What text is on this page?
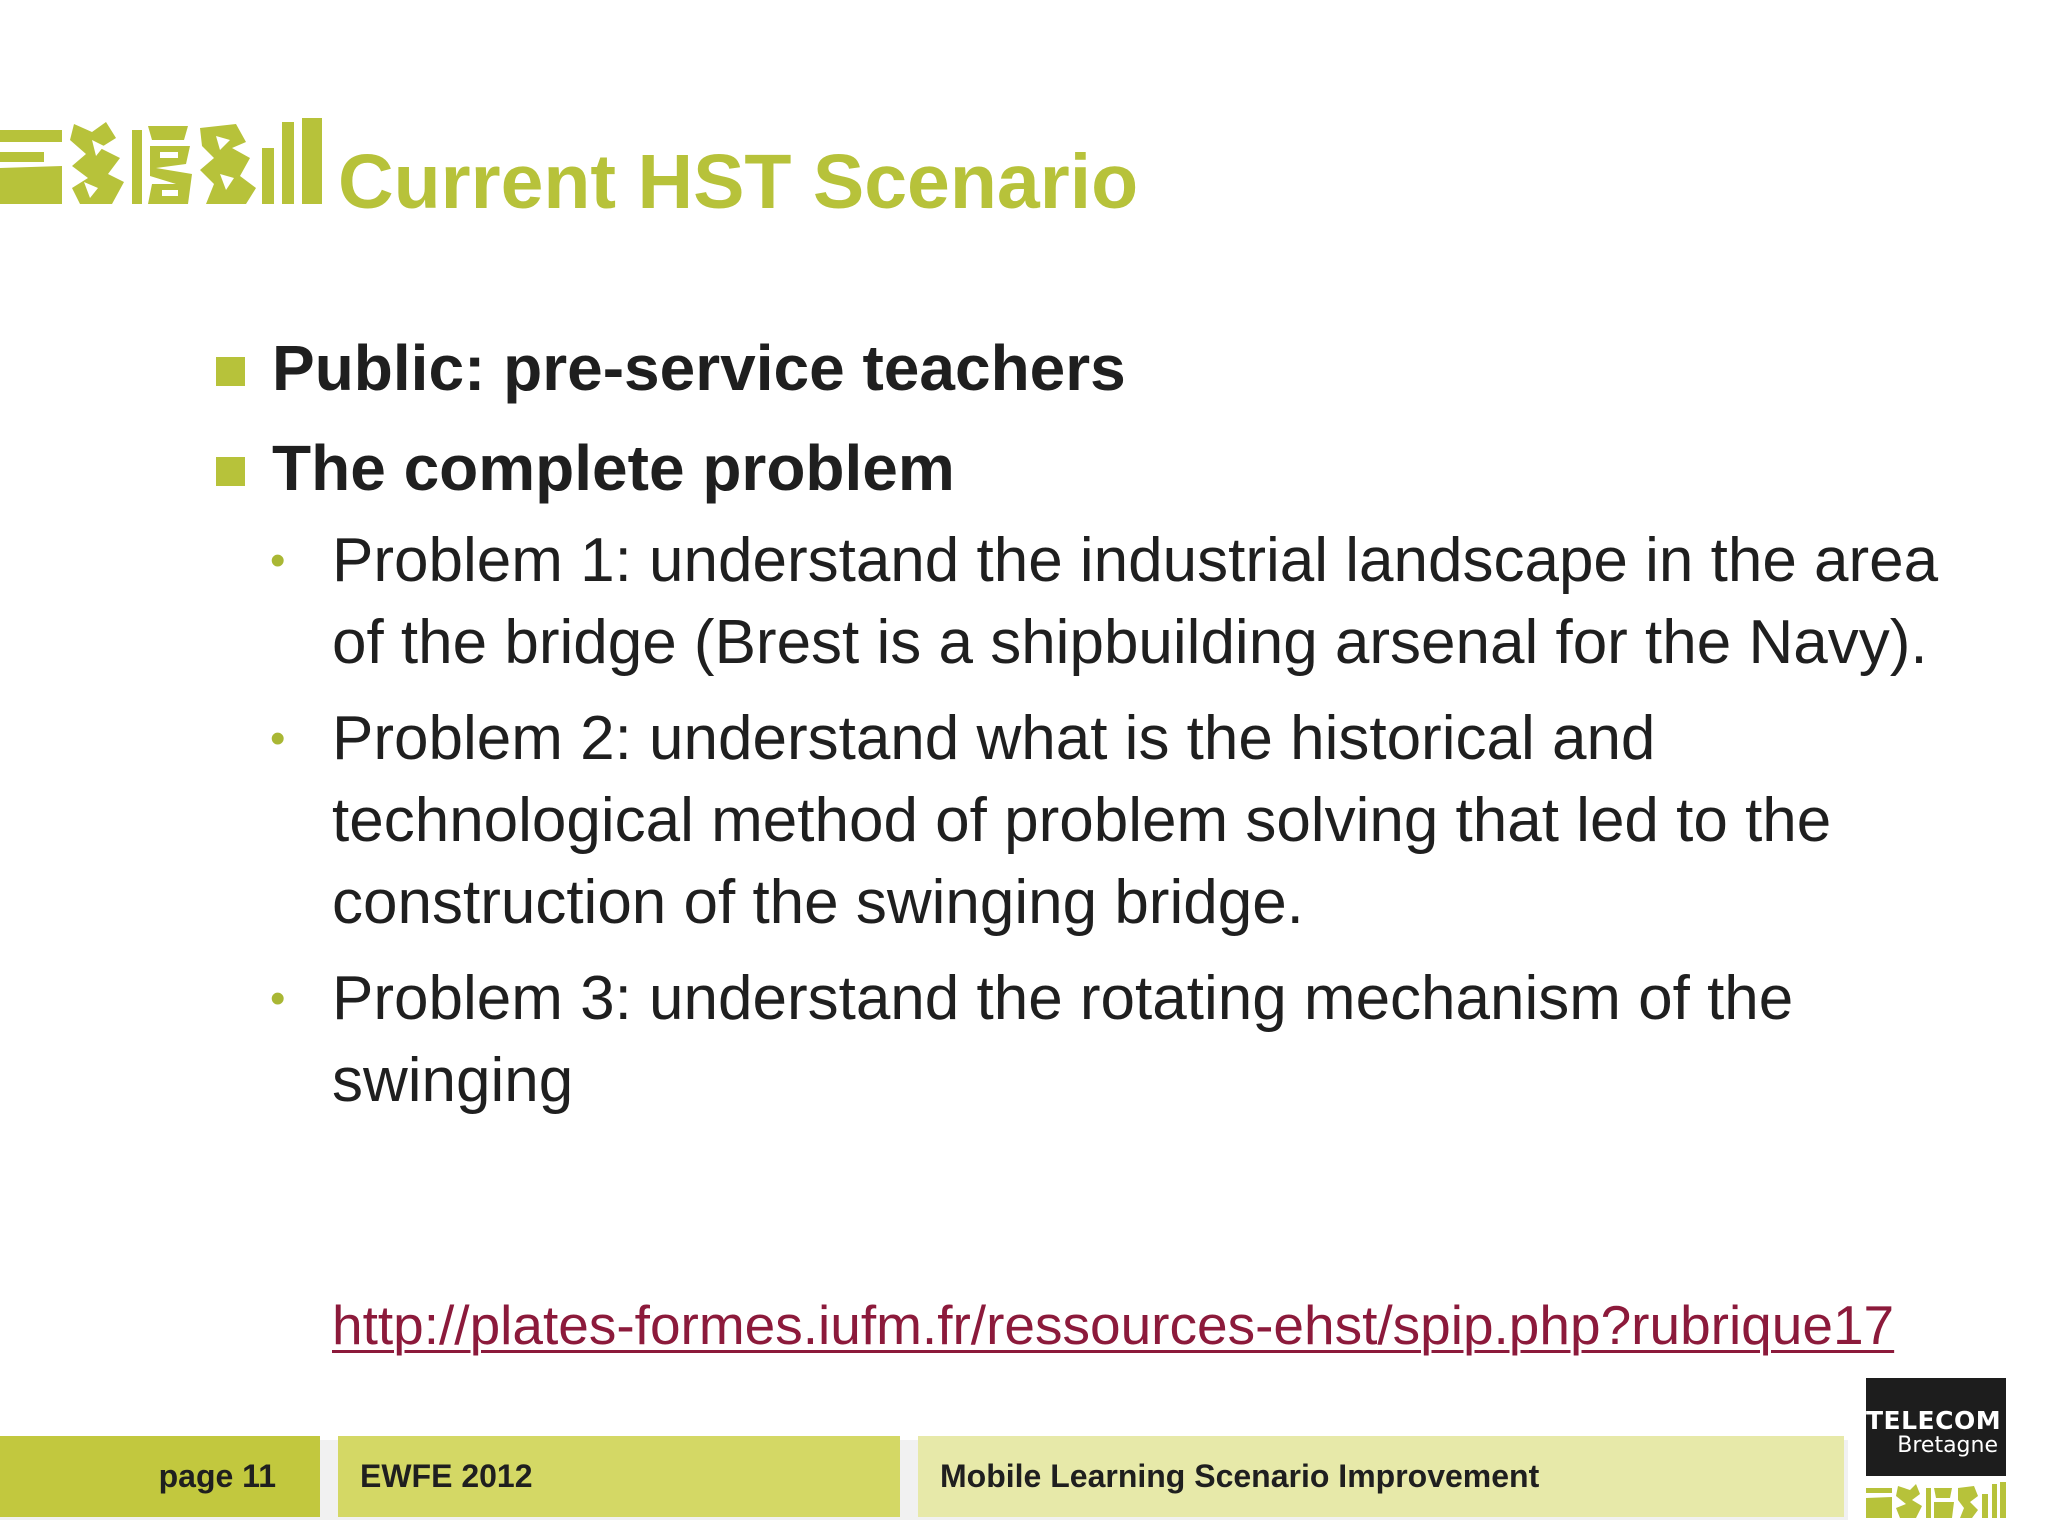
Current HST Scenario
Public: pre-service teachers
The complete problem
• Problem 1: understand the industrial landscape in the area of the bridge (Brest is a shipbuilding arsenal for the Navy).
• Problem 2: understand what is the historical and technological method of problem solving that led to the construction of the swinging bridge.
• Problem 3: understand the rotating mechanism of the swinging
http://plates-formes.iufm.fr/ressources-ehst/spip.php?rubrique17
page 11	EWFE 2012	Mobile Learning Scenario Improvement
TELECOM
Bretagne
